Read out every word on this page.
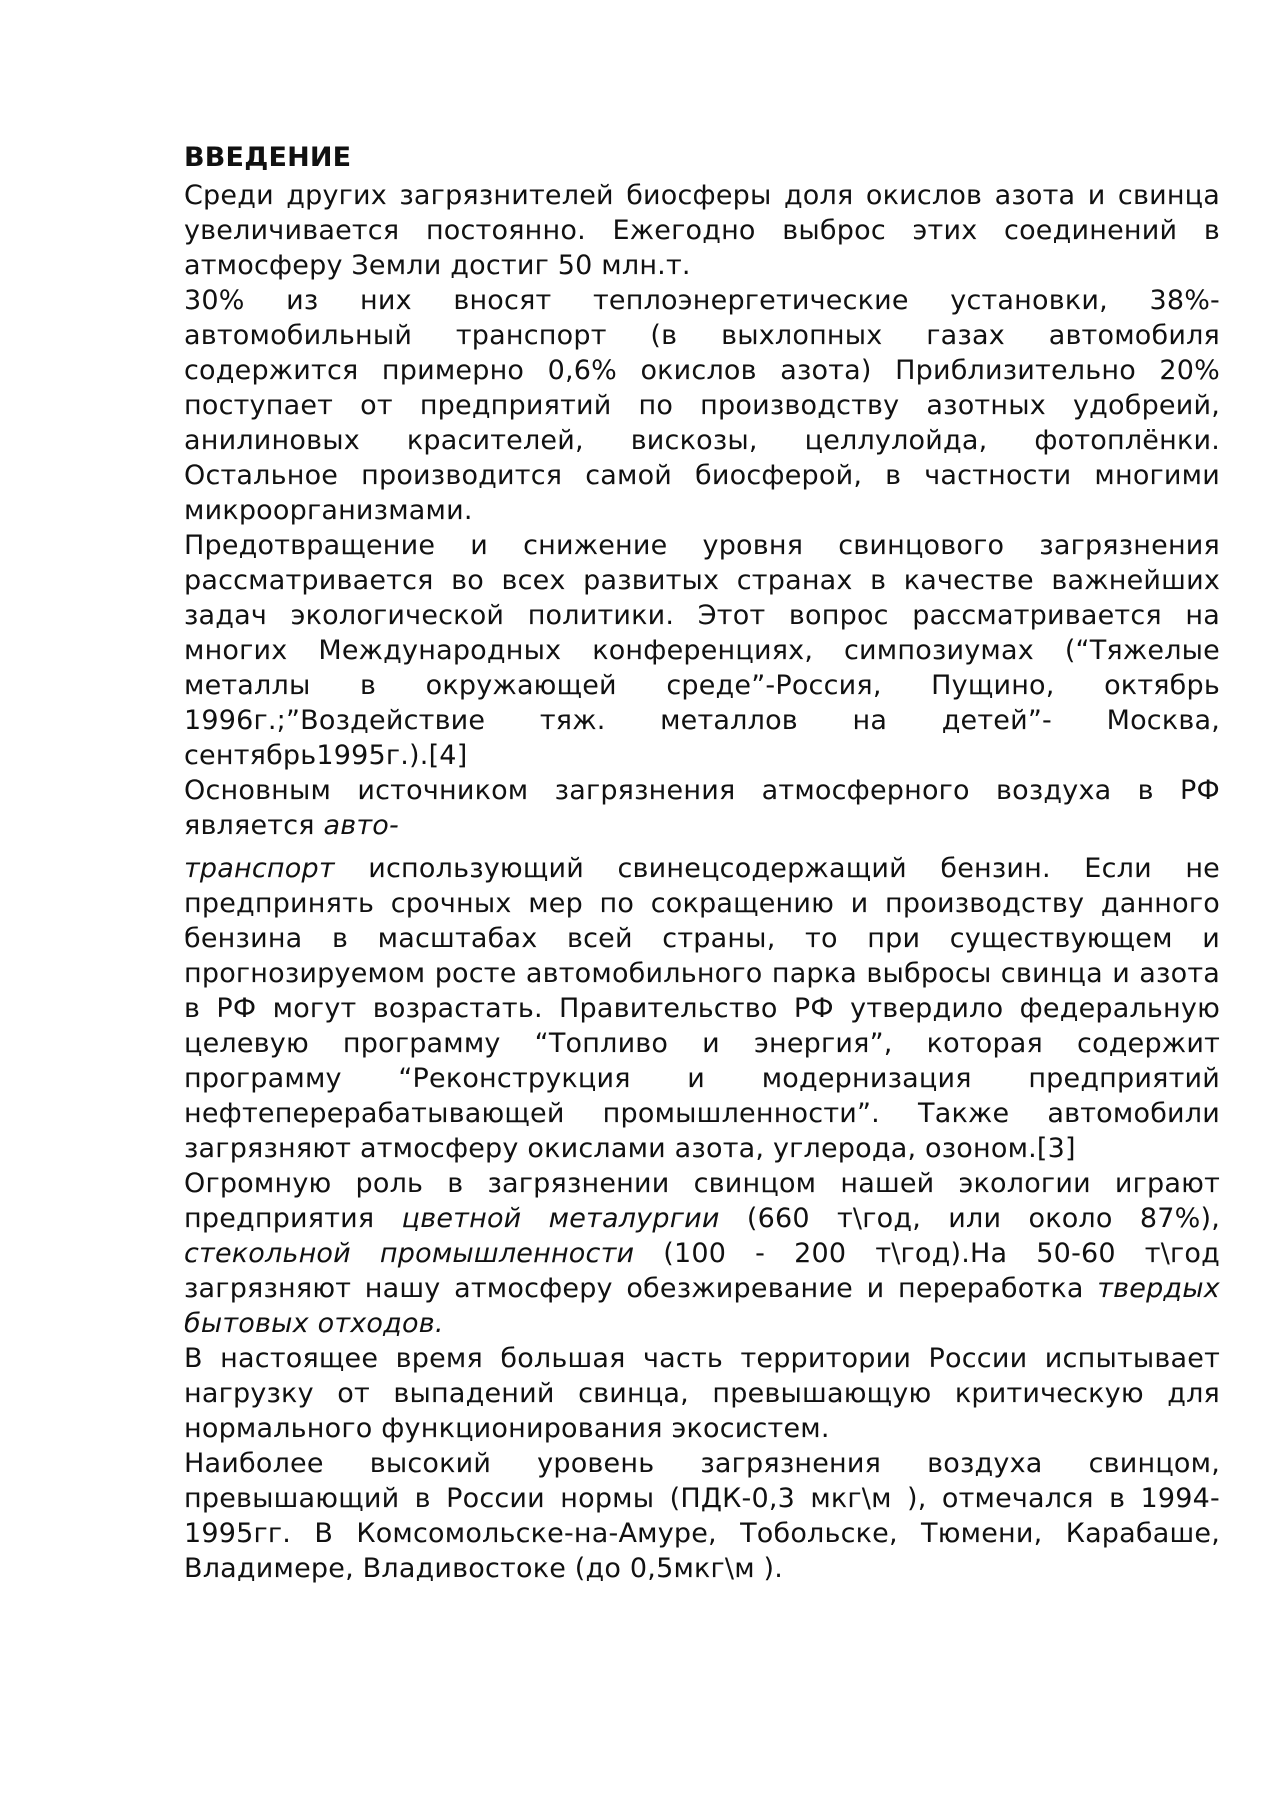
ВВЕДЕНИЕ

Среди других загрязнителей биосферы доля окислов азота и свинца увеличивается постоянно. Ежегодно выброс этих соединений в атмосферу Земли достиг 50 млн.т.

30% из них вносят теплоэнергетические установки, 38%- автомобильный транспорт (в выхлопных газах автомобиля содержится примерно 0,6% окислов азота) Приблизительно 20% поступает от предприятий по производству азотных удобреий, анилиновых красителей, вискозы, целлулойда, фотоплёнки. Остальное производится самой биосферой, в частности многими микроорганизмами.

Предотвращение и снижение уровня свинцового загрязнения рассматривается во всех развитых странах в качестве важнейших задач экологической политики. Этот вопрос рассматривается на многих Международных конференциях, симпозиумах (“Тяжелые металлы в окружающей среде”-Россия, Пущино, октябрь 1996г.;”Воздействие тяж. металлов на детей”- Москва, сентябрь1995г.).[4]

Основным источником загрязнения атмосферного воздуха в РФ является авто-

транспорт использующий свинецсодержащий бензин. Если не предпринять срочных мер по сокращению и производству данного бензина в масштабах всей страны, то при существующем и прогнозируемом росте автомобильного парка выбросы свинца и азота в РФ могут возрастать. Правительство РФ утвердило федеральную целевую программу “Топливо и энергия”, которая содержит программу “Реконструкция и модернизация предприятий нефтеперерабатывающей промышленности”. Также автомобили загрязняют атмосферу окислами азота, углерода, озоном.[3]

Огромную роль в загрязнении свинцом нашей экологии играют предприятия цветной металургии (660 т\год, или около 87%), стекольной промышленности (100 - 200 т\год).На 50-60 т\год загрязняют нашу атмосферу обезжиревание и переработка твердых бытовых отходов.

В настоящее время большая часть территории России испытывает нагрузку от выпадений свинца, превышающую критическую для нормального функционирования экосистем.

Наиболее высокий уровень загрязнения воздуха свинцом, превышающий в России нормы (ПДК-0,3 мкг\м ), отмечался в 1994-1995гг. В Комсомольске-на-Амуре, Тобольске, Тюмени, Карабаше, Владимере, Владивостоке (до 0,5мкг\м ).
